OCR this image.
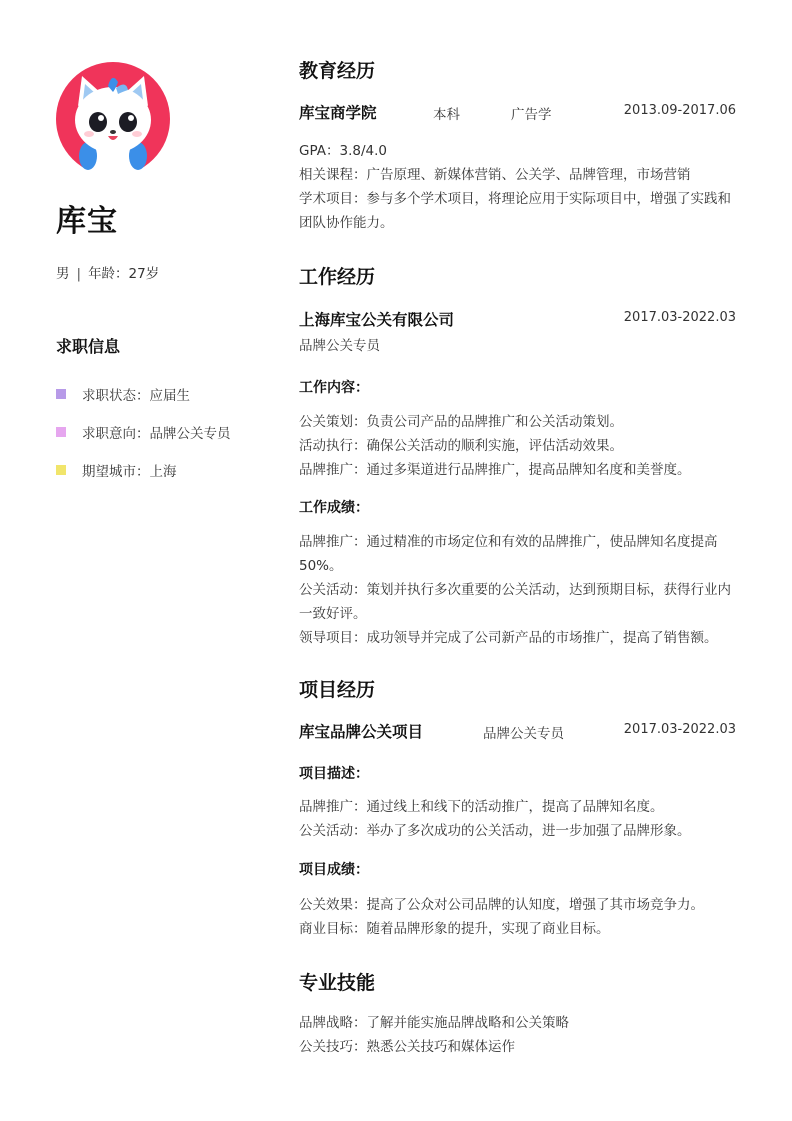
库宝
男 | 年龄：27岁
求职信息
求职状态：应届生
求职意向：品牌公关专员
期望城市：上海
教育经历
库宝商学院	本科	广告学	2013.09-2017.06

GPA：3.8/4.0

相关课程：广告原理、新媒体营销、公关学、品牌管理，市场营销

学术项目：参与多个学术项目，将理论应用于实际项目中，增强了实践和团队协作能力。

工作经历
上海库宝公关有限公司	2017.03-2022.03
品牌公关专员
工作内容：

公关策划：负责公司产品的品牌推广和公关活动策划。

活动执行：确保公关活动的顺利实施，评估活动效果。

品牌推广：通过多渠道进行品牌推广，提高品牌知名度和美誉度。

工作成绩：

品牌推广：通过精准的市场定位和有效的品牌推广，使品牌知名度提高50%。

公关活动：策划并执行多次重要的公关活动，达到预期目标，获得行业内一致好评。

领导项目：成功领导并完成了公司新产品的市场推广，提高了销售额。

项目经历
库宝品牌公关项目	品牌公关专员	2017.03-2022.03
项目描述：

品牌推广：通过线上和线下的活动推广，提高了品牌知名度。

公关活动：举办了多次成功的公关活动，进一步加强了品牌形象。

项目成绩：

公关效果：提高了公众对公司品牌的认知度，增强了其市场竞争力。

商业目标：随着品牌形象的提升，实现了商业目标。

专业技能

品牌战略：了解并能实施品牌战略和公关策略

公关技巧：熟悉公关技巧和媒体运作
